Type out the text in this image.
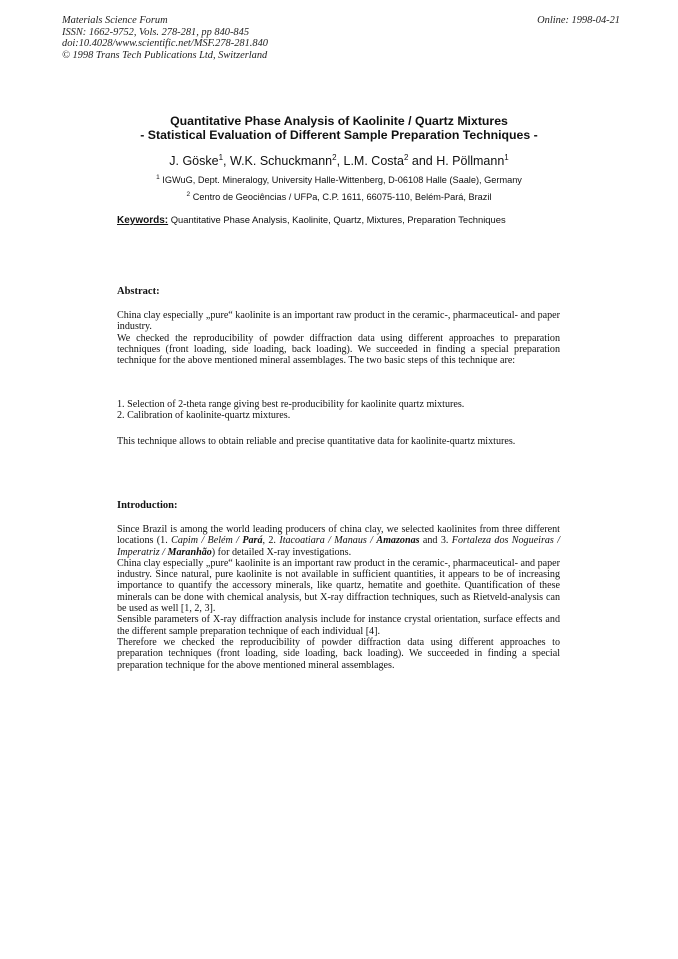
Materials Science Forum
ISSN: 1662-9752, Vols. 278-281, pp 840-845
doi:10.4028/www.scientific.net/MSF.278-281.840
© 1998 Trans Tech Publications Ltd, Switzerland
Online: 1998-04-21
Quantitative Phase Analysis of Kaolinite / Quartz Mixtures
- Statistical Evaluation of Different Sample Preparation Techniques -
J. Göske$^1$, W.K. Schuckmann$^2$, L.M. Costa$^2$ and H. Pöllmann$^1$
$^1$ IGWuG, Dept. Mineralogy, University Halle-Wittenberg, D-06108 Halle (Saale), Germany
$^2$ Centro de Geociências / UFPa, C.P. 1611, 66075-110, Belém-Pará, Brazil
Keywords: Quantitative Phase Analysis, Kaolinite, Quartz, Mixtures, Preparation Techniques
Abstract:

China clay especially „pure“ kaolinite is an important raw product in the ceramic-, pharmaceutical- and paper industry.

We checked the reproducibility of powder diffraction data using different approaches to preparation techniques (front loading, side loading, back loading). We succeeded in finding a special preparation technique for the above mentioned mineral assemblages. The two basic steps of this technique are:

1. Selection of 2-theta range giving best re-producibility for kaolinite quartz mixtures.

2. Calibration of kaolinite-quartz mixtures.

This technique allows to obtain reliable and precise quantitative data for kaolinite-quartz mixtures.

Introduction:

Since Brazil is among the world leading producers of china clay, we selected kaolinites from three different locations (1. Capim / Belém / Pará, 2. Itacoatiara / Manaus / Amazonas and 3. Fortaleza dos Nogueiras / Imperatriz / Maranhão) for detailed X-ray investigations.

China clay especially „pure“ kaolinite is an important raw product in the ceramic-, pharmaceutical- and paper industry. Since natural, pure kaolinite is not available in sufficient quantities, it appears to be of increasing importance to quantify the accessory minerals, like quartz, hematite and goethite. Quantification of these minerals can be done with chemical analysis, but X-ray diffraction techniques, such as Rietveld-analysis can be used as well [1, 2, 3].

Sensible parameters of X-ray diffraction analysis include for instance crystal orientation, surface effects and the different sample preparation technique of each individual [4].

Therefore we checked the reproducibility of powder diffraction data using different approaches to preparation techniques (front loading, side loading, back loading). We succeeded in finding a special preparation technique for the above mentioned mineral assemblages.
